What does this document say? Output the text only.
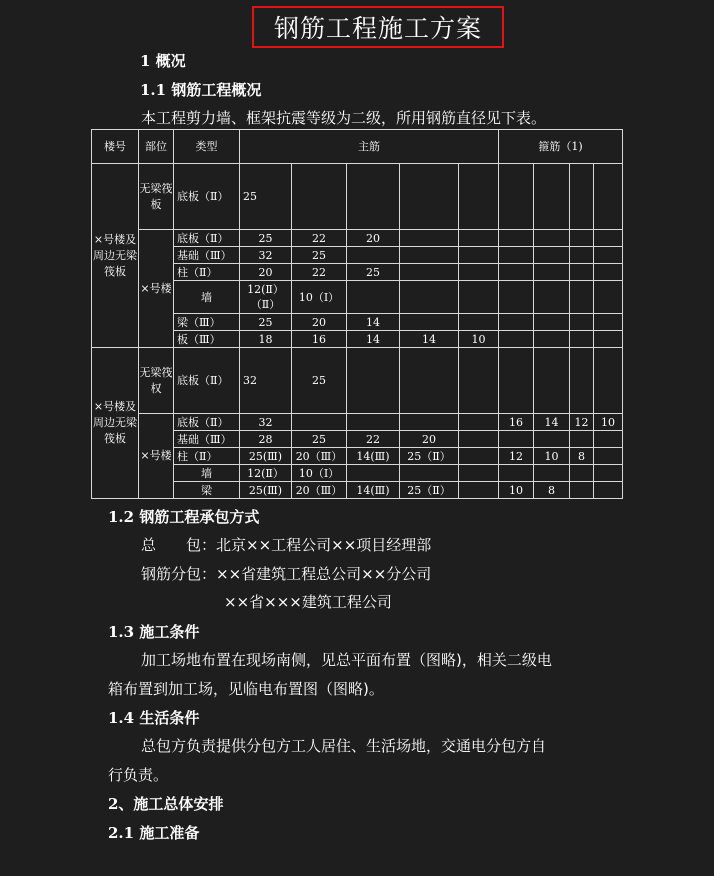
钢筋工程施工方案
1 概况
1.1 钢筋工程概况
本工程剪力墙、框架抗震等级为二级，所用钢筋直径见下表。
楼号	部位	类型	主筋					箍筋（1)			
×号楼及周边无梁筏板	无梁筏板	底板（Ⅱ）	25								
	×号楼	底板（Ⅱ）	25	22	20						
		基础（Ⅲ）	32	25							
		柱（Ⅱ）	20	22	25						
		墙	12(Ⅱ）（Ⅱ）	10（Ⅰ）							
		梁（Ⅲ）	25	20	14						
		板（Ⅲ）	18	16	14	14	10				
×号楼及周边无梁筏板	无梁筏权	底板（Ⅱ）	32	25							
	×号楼	底板（Ⅱ）	32					16	14	12	10
		基础（Ⅲ）	28	25	22	20					
		柱（Ⅱ）	25(Ⅲ)	20（Ⅲ）	14(Ⅲ)	25（Ⅱ）		12	10	8	
		墙	12(Ⅱ）	10（Ⅰ）							
		梁	25(Ⅲ)	20（Ⅲ）	14(Ⅲ)	25（Ⅱ）		10	8		
1.2 钢筋工程承包方式
总　　包：北京××工程公司××项目经理部
钢筋分包：××省建筑工程总公司××分公司
××省×××建筑工程公司
1.3 施工条件
加工场地布置在现场南侧，见总平面布置（图略)，相关二级电
箱布置到加工场，见临电布置图（图略)。
1.4 生活条件
总包方负责提供分包方工人居住、生活场地，交通电分包方自
行负责。
2、施工总体安排
2.1 施工准备
